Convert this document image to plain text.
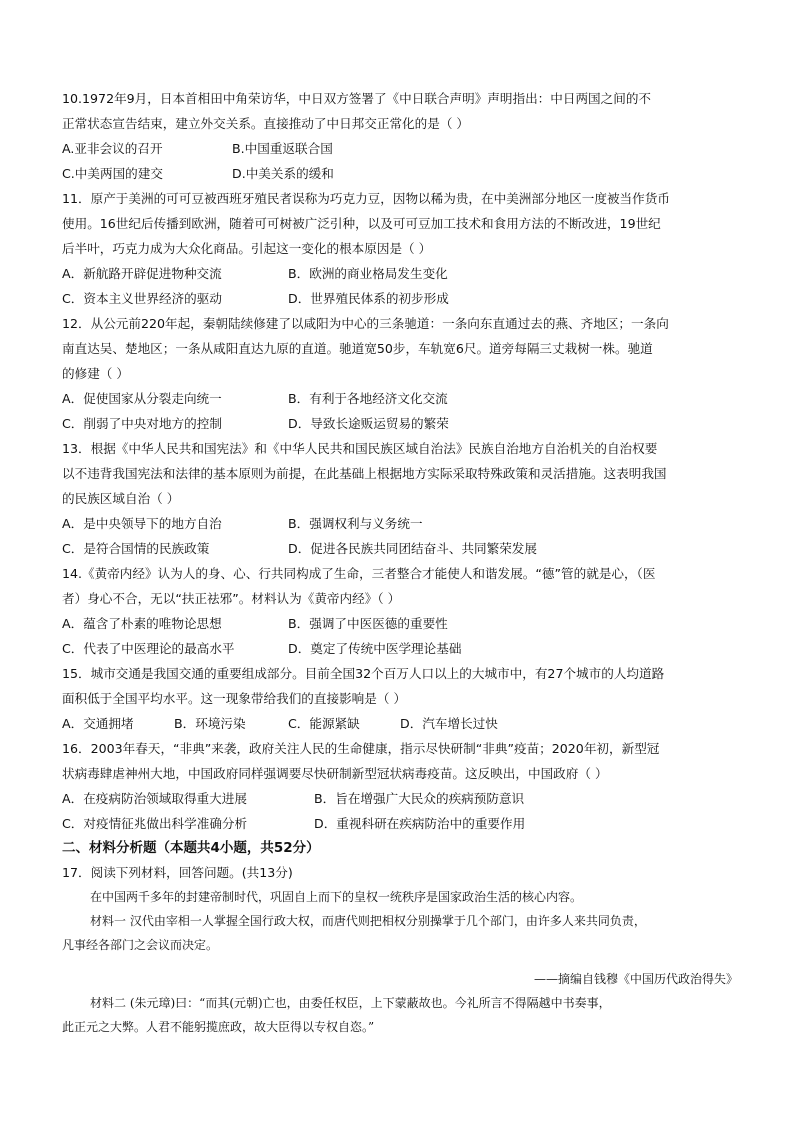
10.1972年9月，日本首相田中角荣访华，中日双方签署了《中日联合声明》声明指出：中日两国之间的不

正常状态宣告结束，建立外交关系。直接推动了中日邦交正常化的是（ ）

A.亚非会议的召开	B.中国重返联合国
C.中美两国的建交	D.中美关系的缓和

11．原产于美洲的可可豆被西班牙殖民者误称为巧克力豆，因物以稀为贵，在中美洲部分地区一度被当作货币

使用。16世纪后传播到欧洲，随着可可树被广泛引种，以及可可豆加工技术和食用方法的不断改进，19世纪

后半叶，巧克力成为大众化商品。引起这一变化的根本原因是（ ）

A．新航路开辟促进物种交流	B．欧洲的商业格局发生变化
C．资本主义世界经济的驱动	D．世界殖民体系的初步形成

12．从公元前220年起，秦朝陆续修建了以咸阳为中心的三条驰道：一条向东直通过去的燕、齐地区；一条向

南直达吴、楚地区；一条从咸阳直达九原的直道。驰道宽50步，车轨宽6尺。道旁每隔三丈栽树一株。驰道

的修建（ ）

A．促使国家从分裂走向统一	B．有利于各地经济文化交流
C．削弱了中央对地方的控制	D．导致长途贩运贸易的繁荣

13．根据《中华人民共和国宪法》和《中华人民共和国民族区域自治法》民族自治地方自治机关的自治权要

以不违背我国宪法和法律的基本原则为前提，在此基础上根据地方实际采取特殊政策和灵活措施。这表明我国

的民族区域自治（ ）

A．是中央领导下的地方自治	B．强调权利与义务统一
C．是符合国情的民族政策	D．促进各民族共同团结奋斗、共同繁荣发展

14.《黄帝内经》认为人的身、心、行共同构成了生命，三者整合才能使人和谐发展。“德”管的就是心，（医

者）身心不合，无以“扶正祛邪”。材料认为《黄帝内经》（ ）

A．蕴含了朴素的唯物论思想	B．强调了中医医德的重要性
C．代表了中医理论的最高水平	D．奠定了传统中医学理论基础

15．城市交通是我国交通的重要组成部分。目前全国32个百万人口以上的大城市中，有27个城市的人均道路

面积低于全国平均水平。这一现象带给我们的直接影响是（ ）

A．交通拥堵	B．环境污染	C．能源紧缺	D．汽车增长过快

16．2003年春天，“非典”来袭，政府关注人民的生命健康，指示尽快研制“非典”疫苗；2020年初，新型冠

状病毒肆虐神州大地，中国政府同样强调要尽快研制新型冠状病毒疫苗。这反映出，中国政府（ ）

A．在疫病防治领域取得重大进展	B．旨在增强广大民众的疾病预防意识
C．对疫情征兆做出科学准确分析	D．重视科研在疾病防治中的重要作用
二、材料分析题（本题共4小题，共52分）

17．阅读下列材料，回答问题。(共13分)

在中国两千多年的封建帝制时代，巩固自上而下的皇权一统秩序是国家政治生活的核心内容。

材料一 汉代由宰相一人掌握全国行政大权，而唐代则把相权分别操掌于几个部门，由许多人来共同负责，

凡事经各部门之会议而决定。

——摘编自钱穆《中国历代政治得失》

材料二 (朱元璋)曰：“而其(元朝)亡也，由委任权臣，上下蒙蔽故也。今礼所言不得隔越中书奏事，

此正元之大弊。人君不能躬揽庶政，故大臣得以专权自恣。”
